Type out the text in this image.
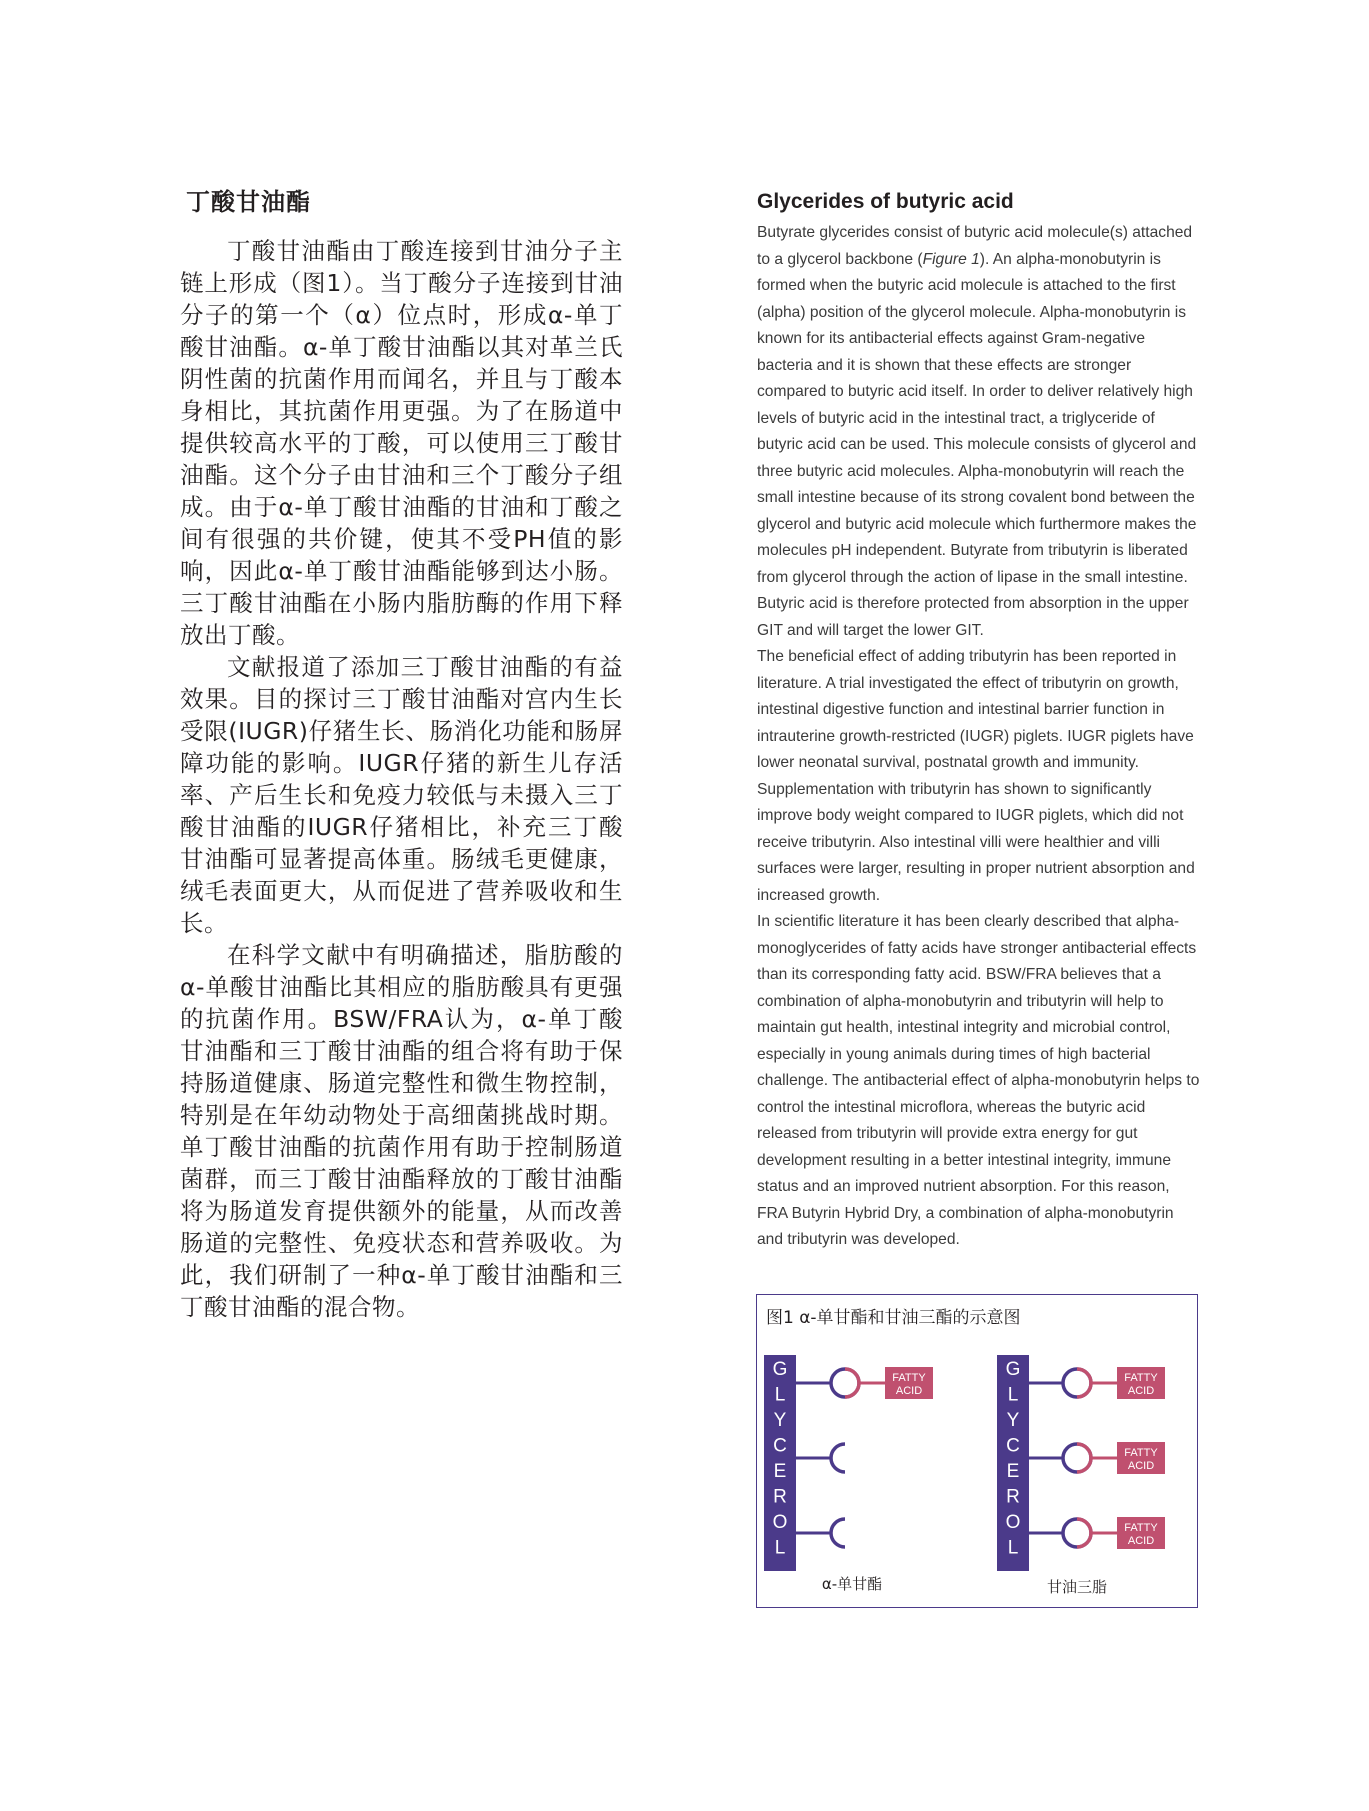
丁酸甘油酯

丁酸甘油酯由丁酸连接到甘油分子主链上形成（图1）。当丁酸分子连接到甘油分子的第一个（α）位点时，形成α-单丁酸甘油酯。α-单丁酸甘油酯以其对革兰氏阴性菌的抗菌作用而闻名，并且与丁酸本身相比，其抗菌作用更强。为了在肠道中提供较高水平的丁酸，可以使用三丁酸甘油酯。这个分子由甘油和三个丁酸分子组成。由于α-单丁酸甘油酯的甘油和丁酸之间有很强的共价键，使其不受PH值的影响，因此α-单丁酸甘油酯能够到达小肠。三丁酸甘油酯在小肠内脂肪酶的作用下释放出丁酸。

文献报道了添加三丁酸甘油酯的有益效果。目的探讨三丁酸甘油酯对宫内生长受限(IUGR)仔猪生长、肠消化功能和肠屏障功能的影响。IUGR仔猪的新生儿存活率、产后生长和免疫力较低与未摄入三丁酸甘油酯的IUGR仔猪相比，补充三丁酸甘油酯可显著提高体重。肠绒毛更健康，绒毛表面更大，从而促进了营养吸收和生长。

在科学文献中有明确描述，脂肪酸的α-单酸甘油酯比其相应的脂肪酸具有更强的抗菌作用。BSW/FRA认为，α-单丁酸甘油酯和三丁酸甘油酯的组合将有助于保持肠道健康、肠道完整性和微生物控制，特别是在年幼动物处于高细菌挑战时期。单丁酸甘油酯的抗菌作用有助于控制肠道菌群，而三丁酸甘油酯释放的丁酸甘油酯将为肠道发育提供额外的能量，从而改善肠道的完整性、免疫状态和营养吸收。为此，我们研制了一种α-单丁酸甘油酯和三丁酸甘油酯的混合物。

Glycerides of butyric acid

Butyrate glycerides consist of butyric acid molecule(s) attached to a glycerol backbone (Figure 1). An alpha-monobutyrin is formed when the butyric acid molecule is attached to the first (alpha) position of the glycerol molecule. Alpha-monobutyrin is known for its antibacterial effects against Gram-negative bacteria and it is shown that these effects are stronger compared to butyric acid itself. In order to deliver relatively high levels of butyric acid in the intestinal tract, a triglyceride of butyric acid can be used. This molecule consists of glycerol and three butyric acid molecules. Alpha-monobutyrin will reach the small intestine because of its strong covalent bond between the glycerol and butyric acid molecule which furthermore makes the molecules pH independent. Butyrate from tributyrin is liberated from glycerol through the action of lipase in the small intestine. Butyric acid is therefore protected from absorption in the upper GIT and will target the lower GIT.

The beneficial effect of adding tributyrin has been reported in literature. A trial investigated the effect of tributyrin on growth, intestinal digestive function and intestinal barrier function in intrauterine growth-restricted (IUGR) piglets. IUGR piglets have lower neonatal survival, postnatal growth and immunity. Supplementation with tributyrin has shown to significantly improve body weight compared to IUGR piglets, which did not receive tributyrin. Also intestinal villi were healthier and villi surfaces were larger, resulting in proper nutrient absorption and increased growth.

In scientific literature it has been clearly described that alpha-monoglycerides of fatty acids have stronger antibacterial effects than its corresponding fatty acid. BSW/FRA believes that a combination of alpha-monobutyrin and tributyrin will help to maintain gut health, intestinal integrity and microbial control, especially in young animals during times of high bacterial challenge. The antibacterial effect of alpha-monobutyrin helps to control the intestinal microflora, whereas the butyric acid released from tributyrin will provide extra energy for gut development resulting in a better intestinal integrity, immune status and an improved nutrient absorption. For this reason, FRA Butyrin Hybrid Dry, a combination of alpha-monobutyrin and tributyrin was developed.

图1 α-单甘酯和甘油三酯的示意图
G
L
Y
C
E
R
O
L
FATTY
ACID
α-单甘酯
G
L
Y
C
E
R
O
L
FATTY
ACID
FATTY
ACID
FATTY
ACID
甘油三脂
